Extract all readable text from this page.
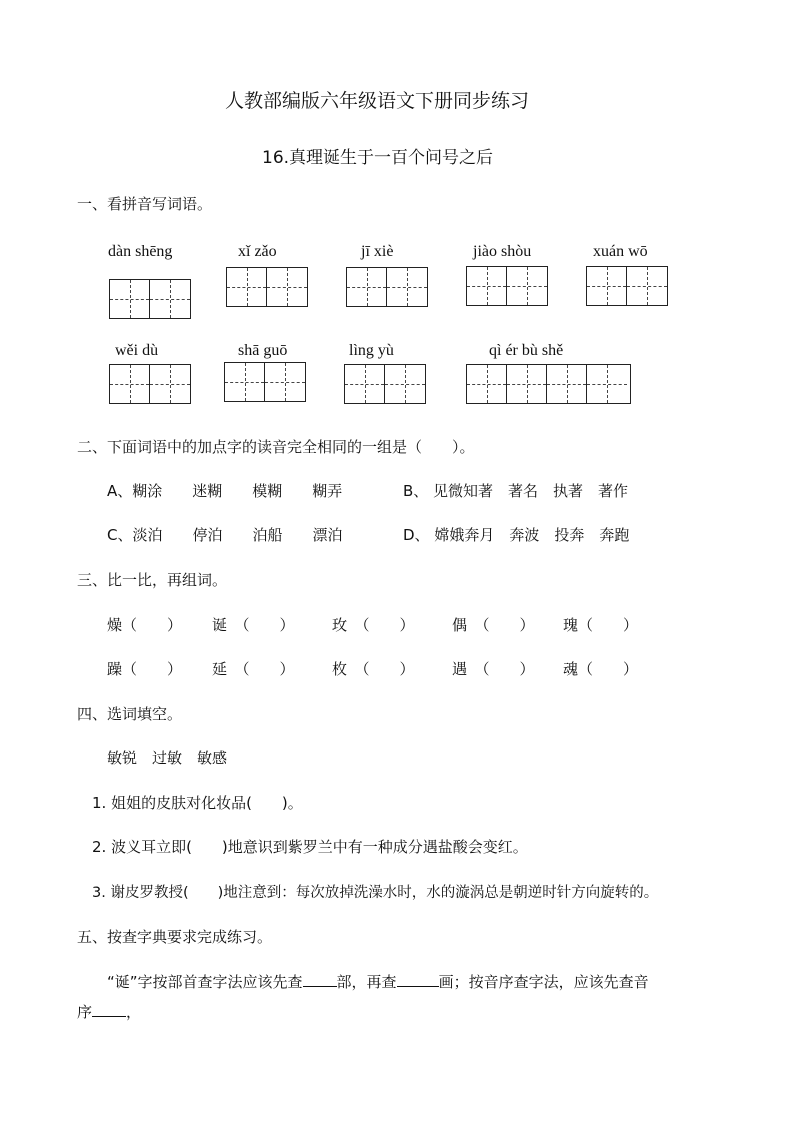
人教部编版六年级语文下册同步练习
16.真理诞生于一百个问号之后
一、看拼音写词语。
dàn shēng	xǐ zǎo	jī xiè	jiào shòu	xuán wō
wěi dù	shā guō	lìng yù	qì ér bù shě
二、下面词语中的加点字的读音完全相同的一组是（　　）。
A、糊涂　　迷糊　　模糊　　糊弄	B、 见微知著　著名　执著　著作
C、淡泊　　停泊　　泊船　　漂泊	D、 嫦娥奔月　奔波　投奔　奔跑
三、比一比，再组词。
燥（　　） 诞　（　　） 玫　（　　） 偶　（　　） 瑰（　　）
躁（　　） 延　（　　） 枚　（　　） 遇　（　　） 魂（　　）
四、选词填空。
敏锐　过敏　敏感
1. 姐姐的皮肤对化妆品(　　)。
2. 波义耳立即(　　)地意识到紫罗兰中有一种成分遇盐酸会变红。
3. 谢皮罗教授(　　)地注意到：每次放掉洗澡水时，水的漩涡总是朝逆时针方向旋转的。
五、按查字典要求完成练习。
“诞”字按部首查字法应该先查 部，再查	画；按音序查字法，应该先查音
序 ，
